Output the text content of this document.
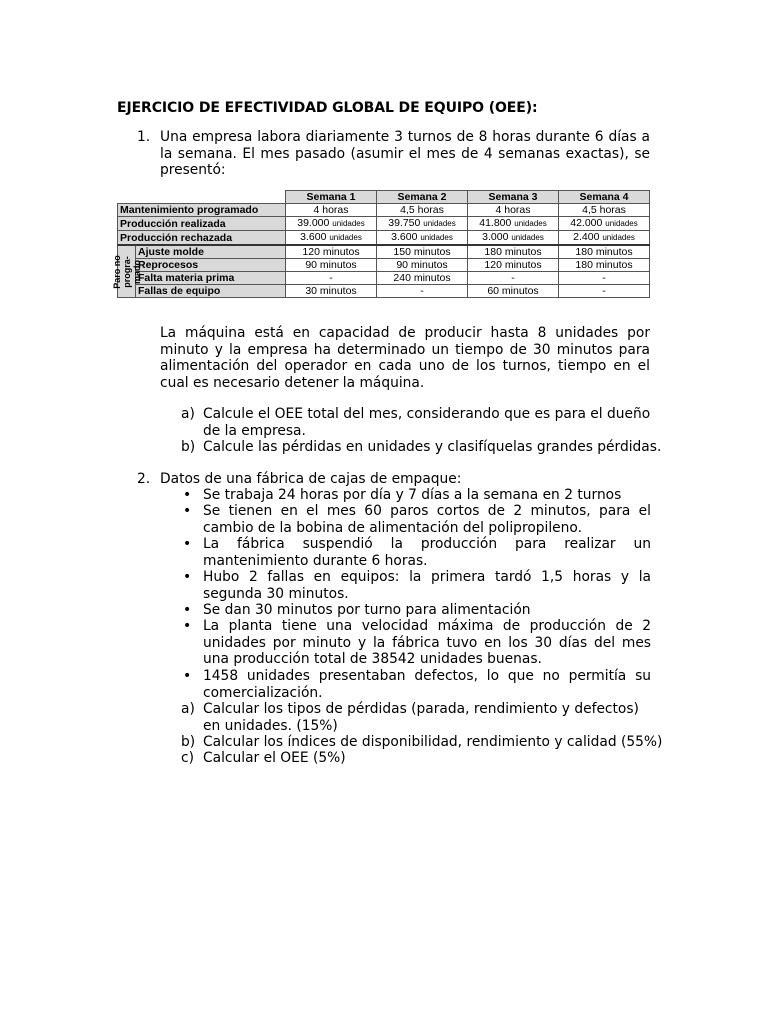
EJERCICIO DE EFECTIVIDAD GLOBAL DE EQUIPO (OEE):
1. Una empresa labora diariamente 3 turnos de 8 horas durante 6 días a la semana. El mes pasado (asumir el mes de 4 semanas exactas), se presentó:
		Semana 1	Semana 2	Semana 3	Semana 4
Mantenimiento programado		4 horas	4,5 horas	4 horas	4,5 horas
Producción realizada		39.000 unidades	39.750 unidades	41.800 unidades	42.000 unidades
Producción rechazada		3.600 unidades	3.600 unidades	3.000 unidades	2.400 unidades

Paro no
progra-
mado	Ajuste molde	120 minutos	150 minutos	180 minutos	180 minutos
	Reprocesos	90 minutos	90 minutos	120 minutos	180 minutos
	Falta materia prima	-	240 minutos	-	-
	Fallas de equipo	30 minutos	-	60 minutos	-
La máquina está en capacidad de producir hasta 8 unidades por minuto y la empresa ha determinado un tiempo de 30 minutos para alimentación del operador en cada uno de los turnos, tiempo en el cual es necesario detener la máquina.
a) Calcule el OEE total del mes, considerando que es para el dueño
de la empresa.
b) Calcule las pérdidas en unidades y clasifíquelas grandes pérdidas.
2. Datos de una fábrica de cajas de empaque:
• Se trabaja 24 horas por día y 7 días a la semana en 2 turnos
• Se tienen en el mes 60 paros cortos de 2 minutos, para el cambio de la bobina de alimentación del polipropileno.
• La fábrica suspendió la producción para realizar un mantenimiento durante 6 horas.
• Hubo 2 fallas en equipos: la primera tardó 1,5 horas y la segunda 30 minutos.
• Se dan 30 minutos por turno para alimentación
• La planta tiene una velocidad máxima de producción de 2 unidades por minuto y la fábrica tuvo en los 30 días del mes una producción total de 38542 unidades buenas.
• 1458 unidades presentaban defectos, lo que no permitía su comercialización.
a) Calcular los tipos de pérdidas (parada, rendimiento y defectos) en unidades. (15%)
b) Calcular los índices de disponibilidad, rendimiento y calidad (55%)
c) Calcular el OEE (5%)
